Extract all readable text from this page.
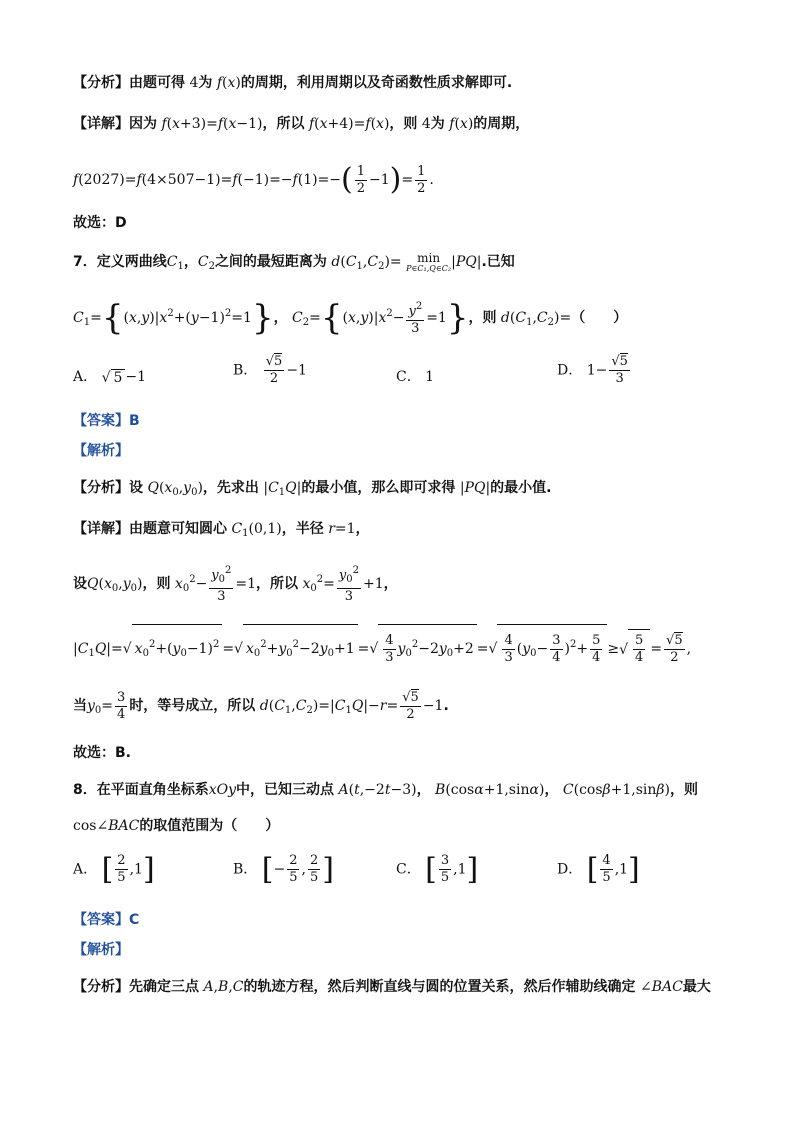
【分析】由题可得 4为 f(x)的周期，利用周期以及奇函数性质求解即可.
【详解】因为 f(x+3)=f(x−1)，所以 f(x+4)=f(x)，则 4为 f(x)的周期，
$f(2027)=f(4\times 507-1)=f(-1)=-f(1)=-( \frac{1}{2} -1)= \frac{1}{2}$ .
故选：D
7．定义两曲线$C_1$，$C_2$之间的最短距离为 $d(C_1,C_2)= \min$
P∈C₁,Q∈C₂ |PQ|.已知
$C_1=\{(x,y)|x^2+(y-1)^2=1\}$， $C_2=\{(x,y)|x^2- \frac{y^2}{3} =1\}$，则 $d(C_1,C_2)=$（　　）
A． √ 5 −1	B． $\frac{√5}{2} -1$	C． 1	D． $1- \frac{√5}{3}$
【答案】B
【解析】
【分析】设 $Q(x_0,y_0)$，先求出 $|C_1Q|$的最小值，那么即可求得 |PQ|的最小值.
【详解】由题意可知圆心 $C_1(0,1)$，半径 r=1，
设$Q(x_0,y_0)$，则 $x_0^2- \frac{y_0^2}{3} =1$，所以 $x_0^2= \frac{y_0^2}{3} +1$，
$|C_1Q|=√$ $x_0^2+(y_0-1)^2$ =√ $x_0^2+y_0^2-2y_0+1$ =√ $\frac{4}{3} y_0^2-2y_0+2$ =√ $\frac{4}{3} (y_0- \frac{3}{4} )^2+ \frac{5}{4}$ ≥√ $\frac{5}{4} = \frac{√5}{2}$ ,
当$y_0= \frac{3}{4}$ 时，等号成立，所以 $d(C_1,C_2)=|C_1Q|-r= \frac{√5}{2} -1$.
故选：B.
8．在平面直角坐标系xOy中，已知三动点 A(t,−2t−3)， B(cosα+1,sinα)， C(cosβ+1,sinβ)，则
cos∠BAC的取值范围为（　　）
A． [ $\frac{2}{5} ,1$]	B． [− $\frac{2}{5}$ , $\frac{2}{5}$ ]	C． [ $\frac{3}{5} ,1$]	D． [ $\frac{4}{5} ,1$]
【答案】C
【解析】
【分析】先确定三点 A,B,C的轨迹方程，然后判断直线与圆的位置关系，然后作辅助线确定 ∠BAC最大
